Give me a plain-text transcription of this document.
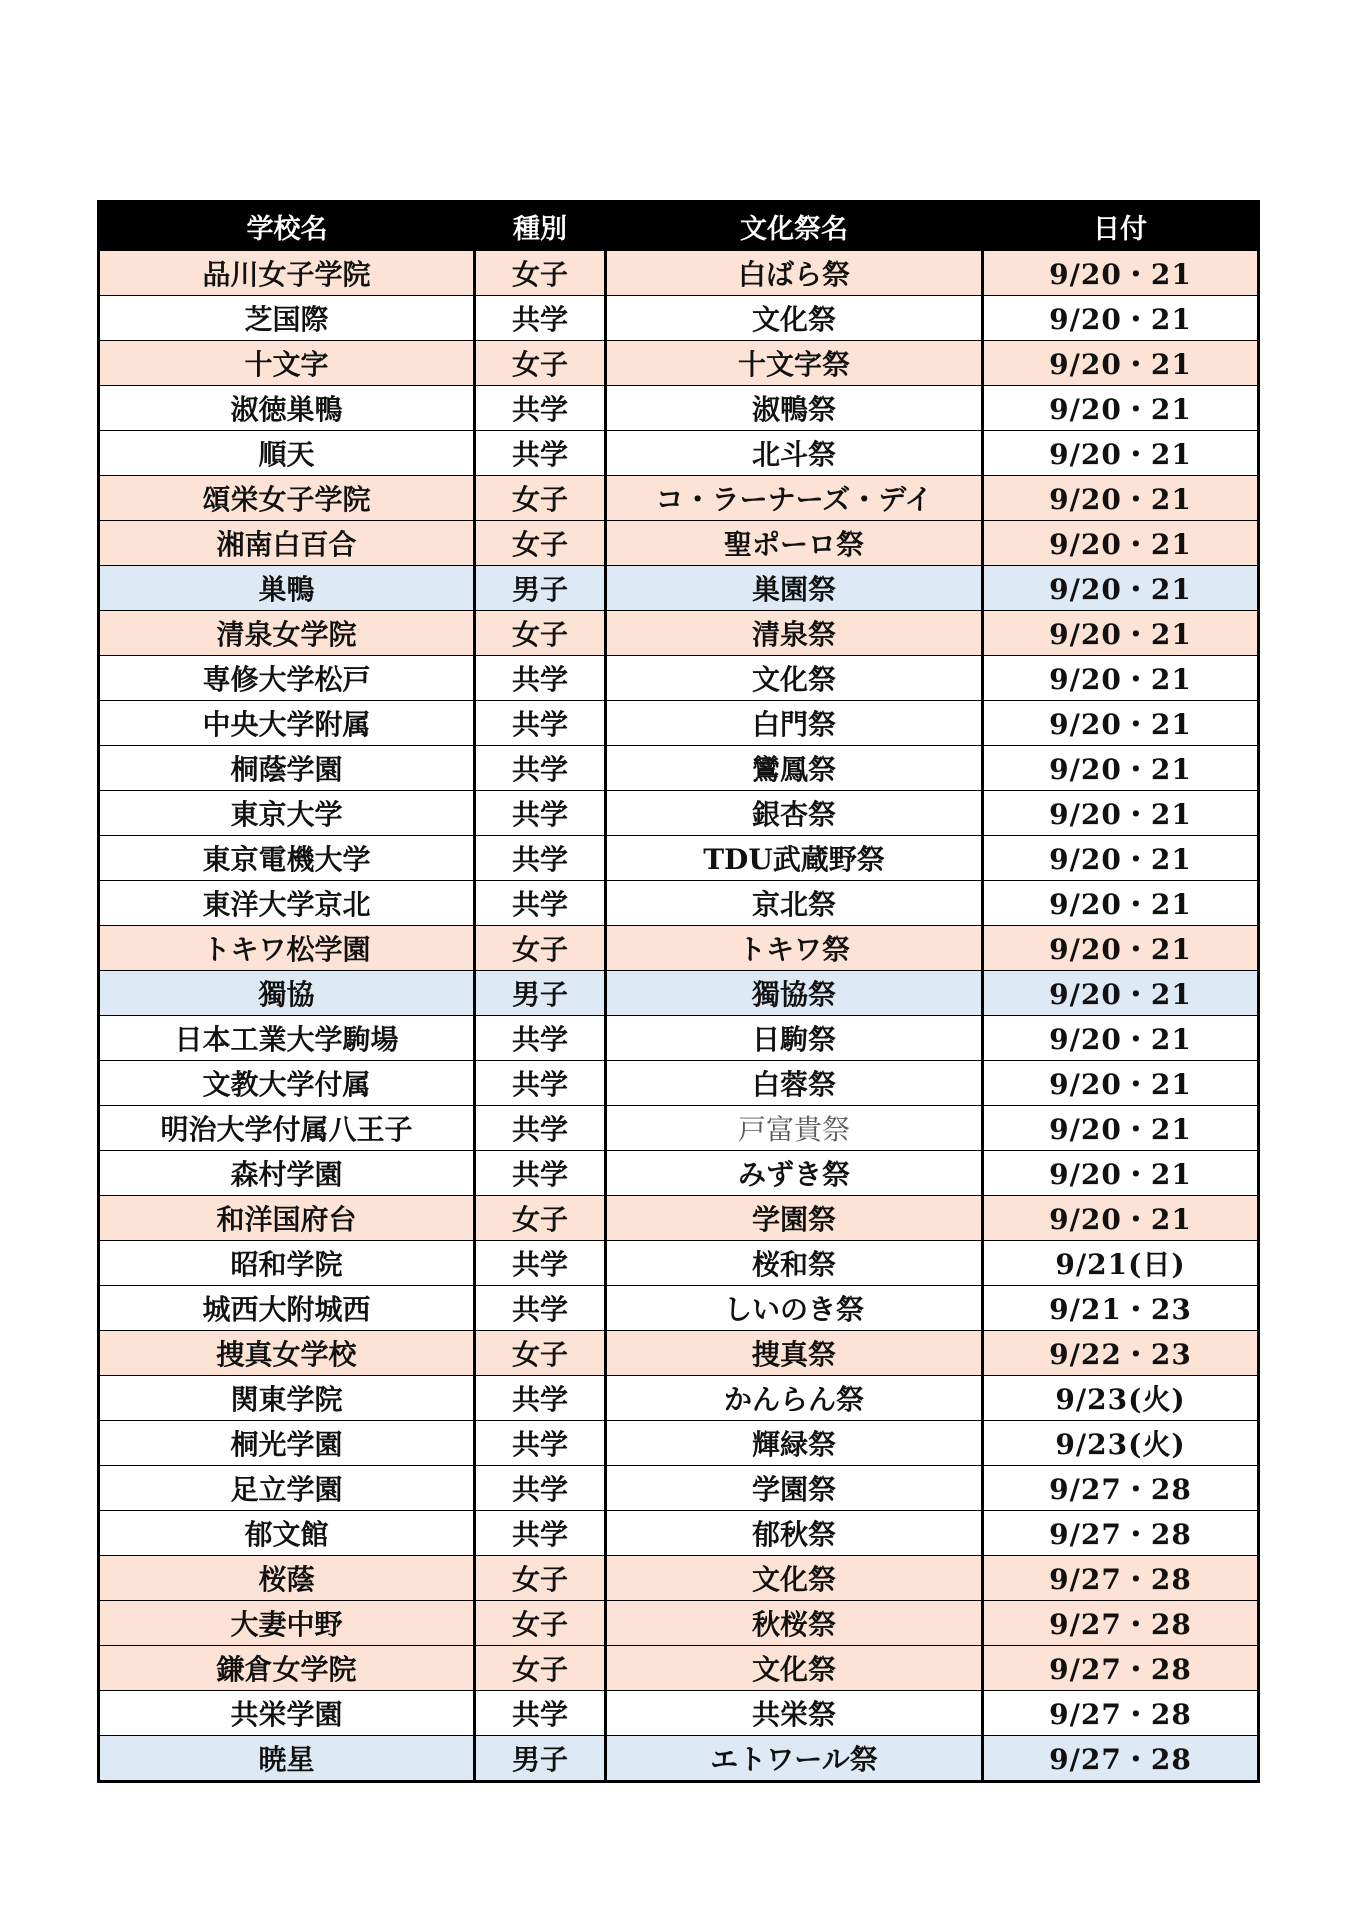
学校名	種別	文化祭名	日付
品川女子学院	女子	白ばら祭	9/20・21
芝国際	共学	文化祭	9/20・21
十文字	女子	十文字祭	9/20・21
淑徳巣鴨	共学	淑鴨祭	9/20・21
順天	共学	北斗祭	9/20・21
頌栄女子学院	女子	コ・ラーナーズ・デイ	9/20・21
湘南白百合	女子	聖ポーロ祭	9/20・21
巣鴨	男子	巣園祭	9/20・21
清泉女学院	女子	清泉祭	9/20・21
専修大学松戸	共学	文化祭	9/20・21
中央大学附属	共学	白門祭	9/20・21
桐蔭学園	共学	鸞鳳祭	9/20・21
東京大学	共学	銀杏祭	9/20・21
東京電機大学	共学	TDU武蔵野祭	9/20・21
東洋大学京北	共学	京北祭	9/20・21
トキワ松学園	女子	トキワ祭	9/20・21
獨協	男子	獨協祭	9/20・21
日本工業大学駒場	共学	日駒祭	9/20・21
文教大学付属	共学	白蓉祭	9/20・21
明治大学付属八王子	共学	戸富貴祭	9/20・21
森村学園	共学	みずき祭	9/20・21
和洋国府台	女子	学園祭	9/20・21
昭和学院	共学	桜和祭	9/21(日)
城西大附城西	共学	しいのき祭	9/21・23
捜真女学校	女子	捜真祭	9/22・23
関東学院	共学	かんらん祭	9/23(火)
桐光学園	共学	輝緑祭	9/23(火)
足立学園	共学	学園祭	9/27・28
郁文館	共学	郁秋祭	9/27・28
桜蔭	女子	文化祭	9/27・28
大妻中野	女子	秋桜祭	9/27・28
鎌倉女学院	女子	文化祭	9/27・28
共栄学園	共学	共栄祭	9/27・28
暁星	男子	エトワール祭	9/27・28
